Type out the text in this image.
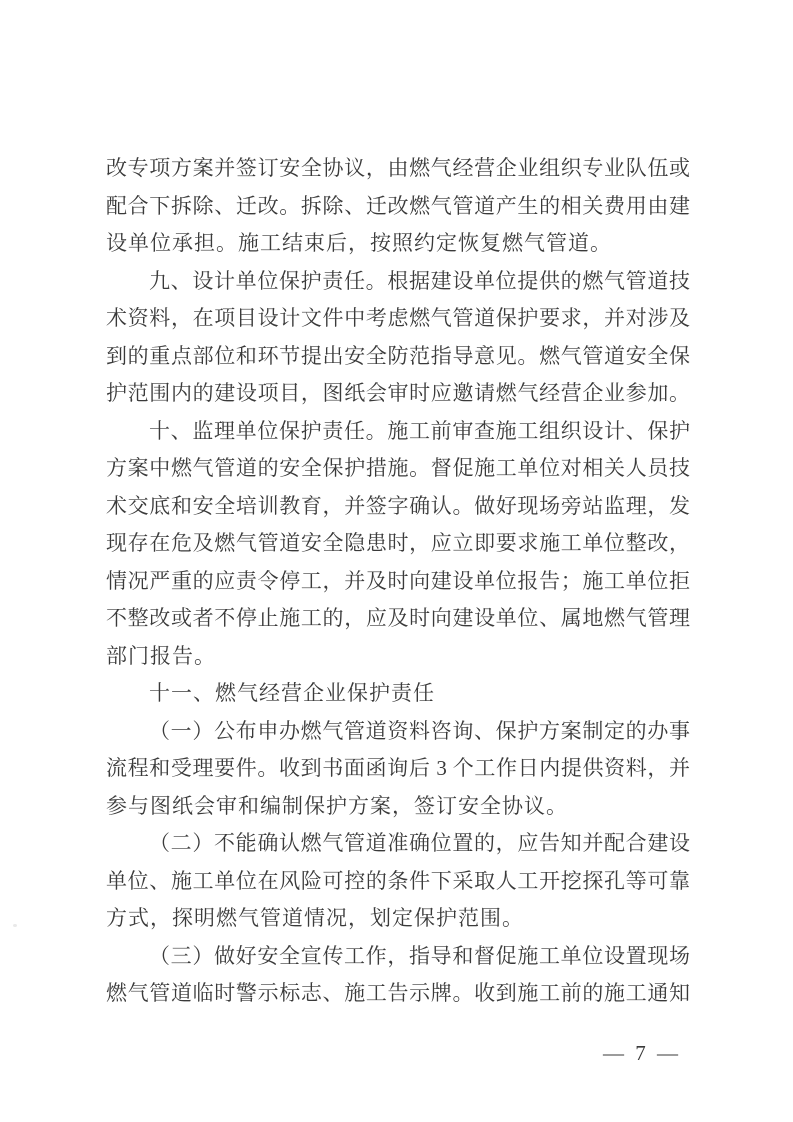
改专项方案并签订安全协议，由燃气经营企业组织专业队伍或
配合下拆除、迁改。拆除、迁改燃气管道产生的相关费用由建
设单位承担。施工结束后，按照约定恢复燃气管道。
九、设计单位保护责任。根据建设单位提供的燃气管道技
术资料，在项目设计文件中考虑燃气管道保护要求，并对涉及
到的重点部位和环节提出安全防范指导意见。燃气管道安全保
护范围内的建设项目，图纸会审时应邀请燃气经营企业参加。
十、监理单位保护责任。施工前审查施工组织设计、保护
方案中燃气管道的安全保护措施。督促施工单位对相关人员技
术交底和安全培训教育，并签字确认。做好现场旁站监理，发
现存在危及燃气管道安全隐患时，应立即要求施工单位整改，
情况严重的应责令停工，并及时向建设单位报告；施工单位拒
不整改或者不停止施工的，应及时向建设单位、属地燃气管理
部门报告。
十一、燃气经营企业保护责任
（一）公布申办燃气管道资料咨询、保护方案制定的办事
流程和受理要件。收到书面函询后 3 个工作日内提供资料，并
参与图纸会审和编制保护方案，签订安全协议。
（二）不能确认燃气管道准确位置的，应告知并配合建设
单位、施工单位在风险可控的条件下采取人工开挖探孔等可靠
方式，探明燃气管道情况，划定保护范围。
（三）做好安全宣传工作，指导和督促施工单位设置现场
燃气管道临时警示标志、施工告示牌。收到施工前的施工通知
— 7 —
